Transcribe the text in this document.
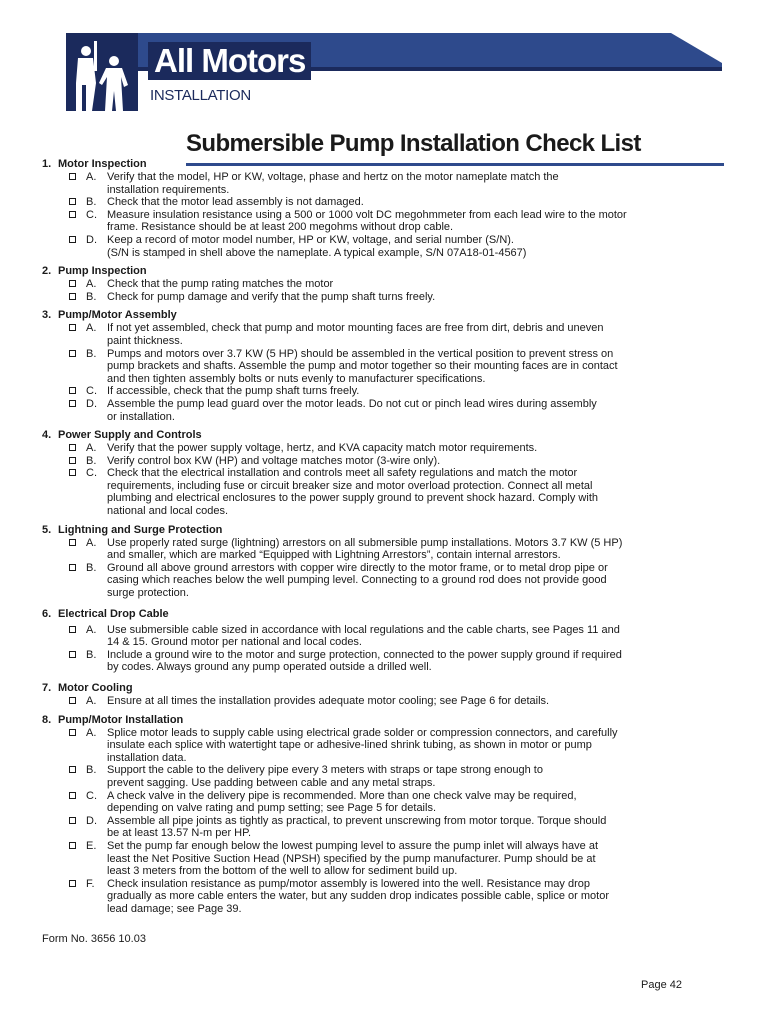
All Motors
INSTALLATION
Submersible Pump Installation Check List
1. Motor Inspection
A. Verify that the model, HP or KW, voltage, phase and hertz on the motor nameplate match the
installation requirements.
B. Check that the motor lead assembly is not damaged.
C. Measure insulation resistance using a 500 or 1000 volt DC megohmmeter from each lead wire to the motor
frame. Resistance should be at least 200 megohms without drop cable.
D. Keep a record of motor model number, HP or KW, voltage, and serial number (S/N).
(S/N is stamped in shell above the nameplate. A typical example, S/N 07A18-01-4567)
2. Pump Inspection
A. Check that the pump rating matches the motor
B. Check for pump damage and verify that the pump shaft turns freely.
3. Pump/Motor Assembly
A. If not yet assembled, check that pump and motor mounting faces are free from dirt, debris and uneven
paint thickness.
B. Pumps and motors over 3.7 KW (5 HP) should be assembled in the vertical position to prevent stress on
pump brackets and shafts. Assemble the pump and motor together so their mounting faces are in contact
and then tighten assembly bolts or nuts evenly to manufacturer specifications.
C. If accessible, check that the pump shaft turns freely.
D. Assemble the pump lead guard over the motor leads. Do not cut or pinch lead wires during assembly
or installation.
4. Power Supply and Controls
A. Verify that the power supply voltage, hertz, and KVA capacity match motor requirements.
B. Verify control box KW (HP) and voltage matches motor (3-wire only).
C. Check that the electrical installation and controls meet all safety regulations and match the motor
requirements, including fuse or circuit breaker size and motor overload protection. Connect all metal
plumbing and electrical enclosures to the power supply ground to prevent shock hazard. Comply with
national and local codes.
5. Lightning and Surge Protection
A. Use properly rated surge (lightning) arrestors on all submersible pump installations. Motors 3.7 KW (5 HP)
and smaller, which are marked “Equipped with Lightning Arrestors”, contain internal arrestors.
B. Ground all above ground arrestors with copper wire directly to the motor frame, or to metal drop pipe or
casing which reaches below the well pumping level. Connecting to a ground rod does not provide good
surge protection.
6. Electrical Drop Cable
A. Use submersible cable sized in accordance with local regulations and the cable charts, see Pages 11 and
14 & 15. Ground motor per national and local codes.
B. Include a ground wire to the motor and surge protection, connected to the power supply ground if required
by codes. Always ground any pump operated outside a drilled well.
7. Motor Cooling
A. Ensure at all times the installation provides adequate motor cooling; see Page 6 for details.
8. Pump/Motor Installation
A. Splice motor leads to supply cable using electrical grade solder or compression connectors, and carefully
insulate each splice with watertight tape or adhesive-lined shrink tubing, as shown in motor or pump
installation data.
B. Support the cable to the delivery pipe every 3 meters with straps or tape strong enough to
prevent sagging. Use padding between cable and any metal straps.
C. A check valve in the delivery pipe is recommended. More than one check valve may be required,
depending on valve rating and pump setting; see Page 5 for details.
D. Assemble all pipe joints as tightly as practical, to prevent unscrewing from motor torque. Torque should
be at least 13.57 N-m per HP.
E. Set the pump far enough below the lowest pumping level to assure the pump inlet will always have at
least the Net Positive Suction Head (NPSH) specified by the pump manufacturer. Pump should be at
least 3 meters from the bottom of the well to allow for sediment build up.
F. Check insulation resistance as pump/motor assembly is lowered into the well. Resistance may drop
gradually as more cable enters the water, but any sudden drop indicates possible cable, splice or motor
lead damage; see Page 39.
Form No. 3656 10.03
Page 42
